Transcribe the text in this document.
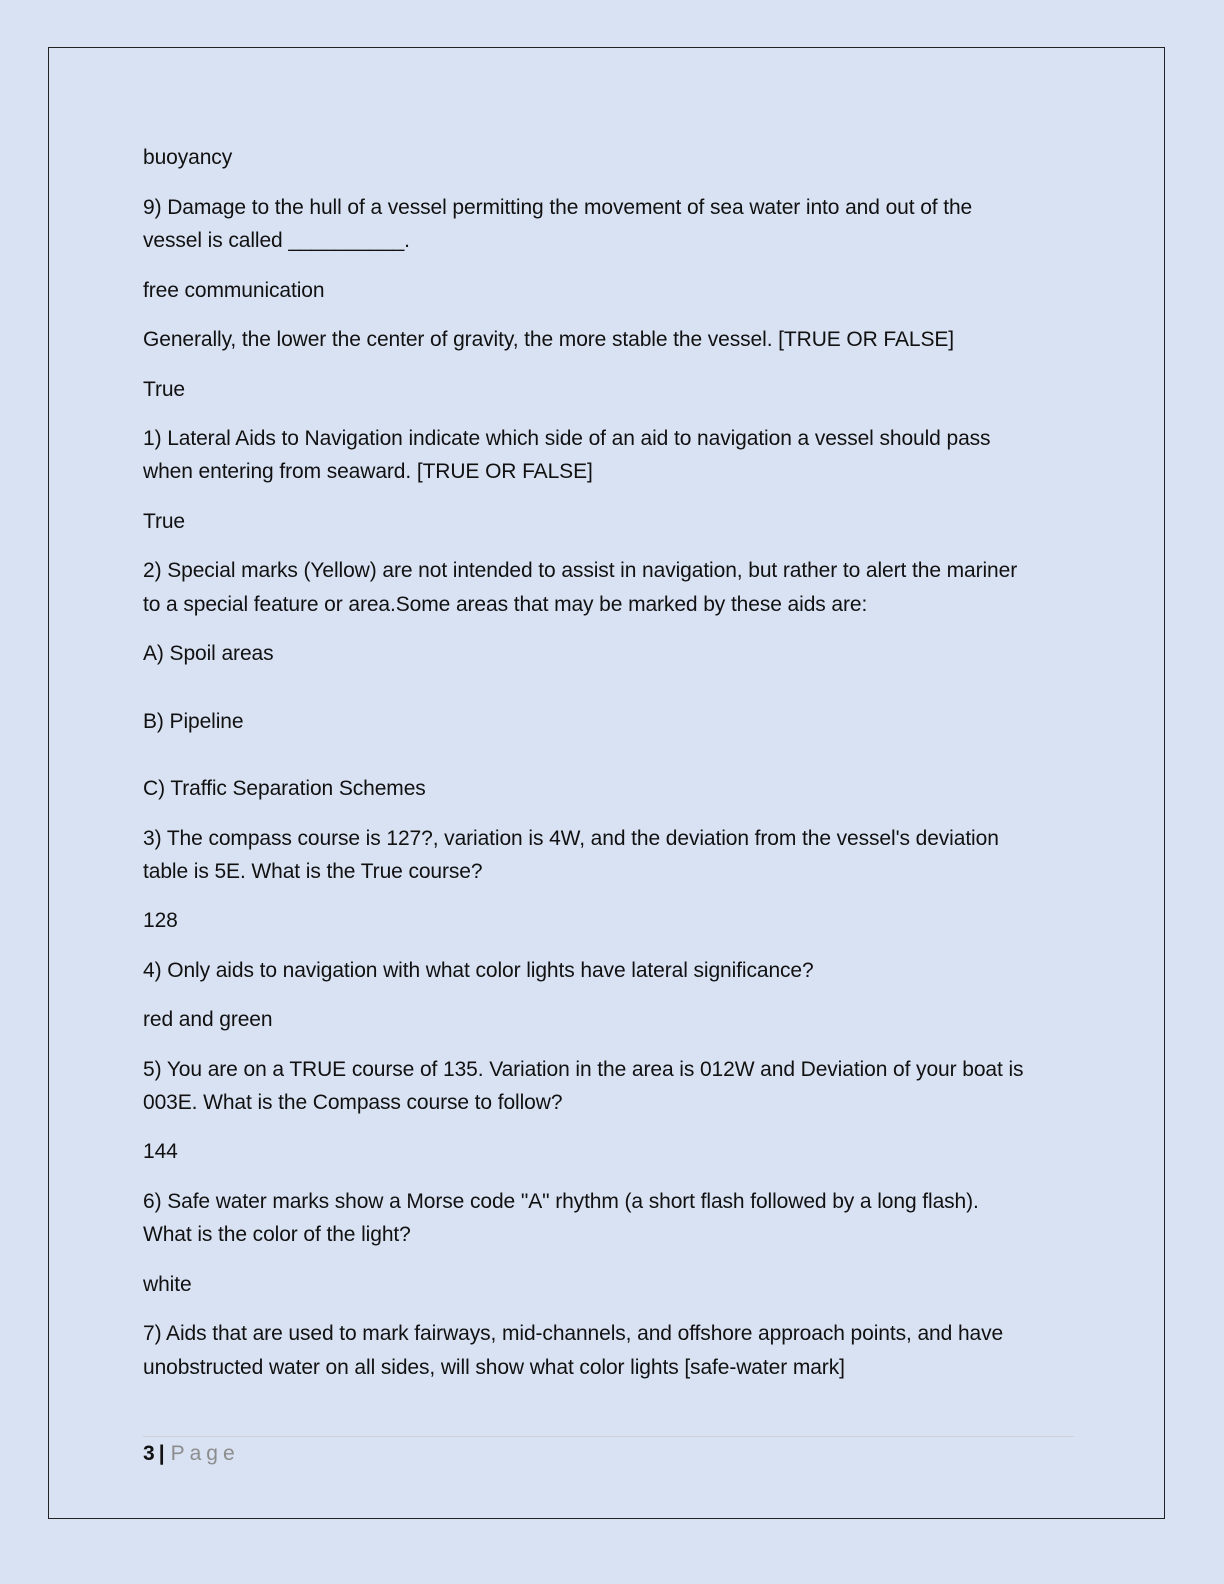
buoyancy
9) Damage to the hull of a vessel permitting the movement of sea water into and out of the
vessel is called __________.
free communication
Generally, the lower the center of gravity, the more stable the vessel. [TRUE OR FALSE]
True
1) Lateral Aids to Navigation indicate which side of an aid to navigation a vessel should pass
when entering from seaward. [TRUE OR FALSE]
True
2) Special marks (Yellow) are not intended to assist in navigation, but rather to alert the mariner
to a special feature or area.Some areas that may be marked by these aids are:
A) Spoil areas
B) Pipeline
C) Traffic Separation Schemes
3) The compass course is 127?, variation is 4W, and the deviation from the vessel's deviation
table is 5E. What is the True course?
128
4) Only aids to navigation with what color lights have lateral significance?
red and green
5) You are on a TRUE course of 135. Variation in the area is 012W and Deviation of your boat is
003E. What is the Compass course to follow?
144
6) Safe water marks show a Morse code "A" rhythm (a short flash followed by a long flash).
What is the color of the light?
white
7) Aids that are used to mark fairways, mid-channels, and offshore approach points, and have
unobstructed water on all sides, will show what color lights [safe-water mark]
3 | Page
